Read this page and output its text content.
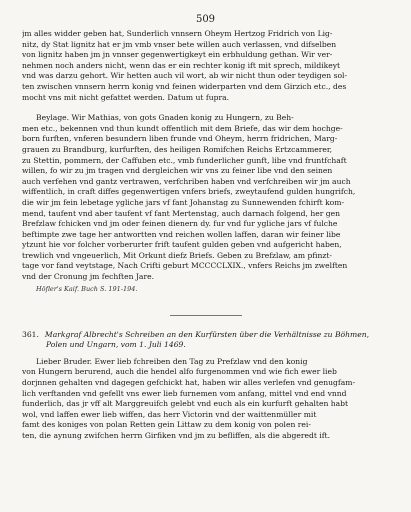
509
jm alles widder geben hat, Sunderlich vnnsern Oheym Hertzog Fridrich von Lig-
nitz, dy Stat lignitz hat er jm vmb vnser bete willen auch verlassen, vnd difselben
von lignitz haben jm jn vnnser gegenwertigkeyt ein erbhuldung gethan. Wir ver-
nehmen noch anders nicht, wenn das er ein rechter konig ift mit sprech, mildikeyt
vnd was darzu gehort. Wir hetten auch vil wort, ab wir nicht thun oder teydigen sol-
ten zwischen vnnsern herrn konig vnd feinen widerparten vnd dem Girzich etc., des
mocht vns mit nicht gefattet werden. Datum ut fupra.
Beylage. Wir Mathias, von gots Gnaden konig zu Hungern, zu Beh-
men etc., bekennen vnd thun kundt offentlich mit dem Briefe, das wir dem hochge-
born furften, vnferen besundern liben frunde vnd Oheym, herrn fridrichen, Marg-
grauen zu Brandburg, kurfurften, des heiligen Romifchen Reichs Ertzcammerer,
zu Stettin, pommern, der Caffuben etc., vmb funderlicher gunft, libe vnd fruntfchaft
willen, fo wir zu jm tragen vnd dergleichen wir vns zu feiner libe vnd den seinen
auch verfehen vnd gantz vertrawen, verfchriben haben vnd verfchreiben wir jm auch
wiffentlich, in craft diffes gegenwertigen vnfers briefs, zweytaufend gulden hungrifch,
die wir jm fein lebetage ygliche jars vf fant Johanstag zu Sunnewenden fchirft kom-
mend, taufent vnd aber taufent vf fant Mertenstag, auch darnach folgend, her gen
Brefzlaw fchicken vnd jm oder feinen dienern dy. fur vnd fur ygliche jars vf fulche
beftimpte zwe tage her antwortten vnd reichen wollen laffen, daran wir feiner libe
ytzunt hie vor folcher vorberurter frift taufent gulden geben vnd aufgericht haben,
trewlich vnd vngeuerlich, Mit Orkunt diefz Briefs. Geben zu Brefzlaw, am pfinzt-
tage vor fand veytstage, Nach Crifti geburt MCCCCLXIX., vnfers Reichs jm zwelften
vnd der Cronung jm fechften Jare.
Höfler's Kaif. Buch S. 191-194.
361. Markgraf Albrecht's Schreiben an den Kurfürsten über die Verhältnisse zu Böhmen,
Polen und Ungarn, vom 1. Juli 1469.
Lieber Bruder. Ewer lieb fchreiben den Tag zu Prefzlaw vnd den konig
von Hungern berurend, auch die hendel alfo furgenommen vnd wie fich ewer lieb
dorjnnen gehalten vnd dagegen gefchickt hat, haben wir alles verlefen vnd genugfam-
lich verftanden vnd gefellt vns ewer lieb furnemen vom anfang, mittel vnd end vnnd
funderlich, das jr vff alt Marggreuifch gelebt vnd euch als ein kurfurft gehalten habt
wol, vnd laffen ewer lieb wiffen, das herr Victorin vnd der waittenmüller mit
famt des koniges von polan Retten gein Littaw zu dem konig von polen rei-
ten, die aynung zwifchen herrn Girfiken vnd jm zu befliffen, als die abgeredt ift.
